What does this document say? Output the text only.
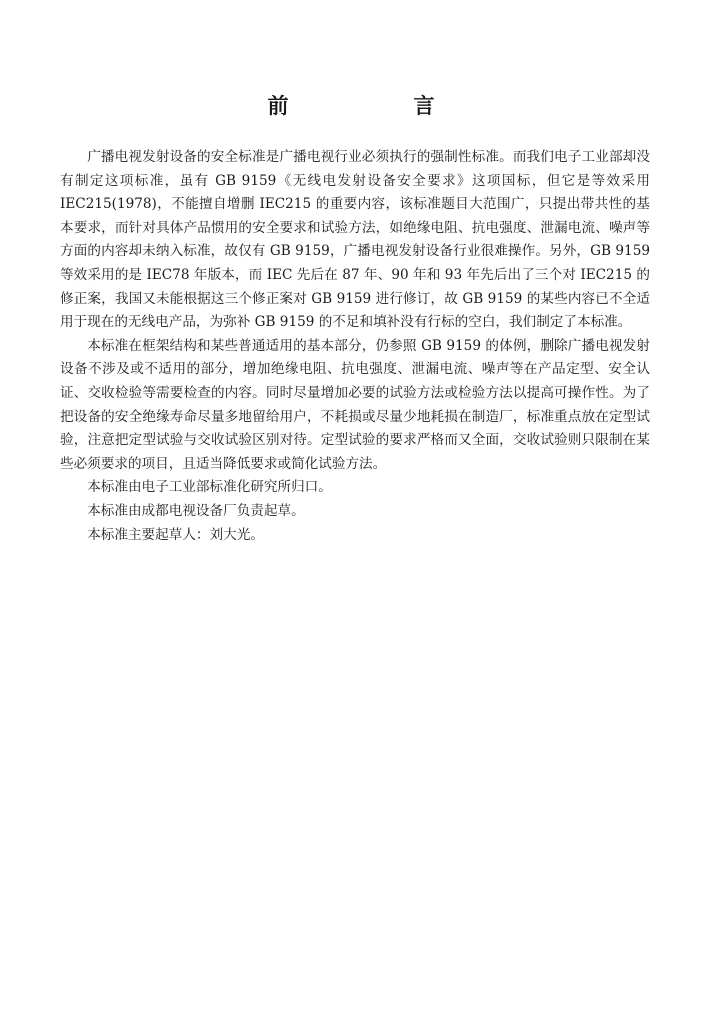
前　言

广播电视发射设备的安全标准是广播电视行业必须执行的强制性标准。而我们电子工业部却没有制定这项标准，虽有 GB 9159《无线电发射设备安全要求》这项国标，但它是等效采用 IEC215(1978)，不能擅自增删 IEC215 的重要内容，该标准题目大范围广，只提出带共性的基本要求，而针对具体产品惯用的安全要求和试验方法，如绝缘电阻、抗电强度、泄漏电流、噪声等方面的内容却未纳入标准，故仅有 GB 9159，广播电视发射设备行业很难操作。另外，GB 9159 等效采用的是 IEC78 年版本，而 IEC 先后在 87 年、90 年和 93 年先后出了三个对 IEC215 的修正案，我国又未能根据这三个修正案对 GB 9159 进行修订，故 GB 9159 的某些内容已不全适用于现在的无线电产品，为弥补 GB 9159 的不足和填补没有行标的空白，我们制定了本标准。

本标准在框架结构和某些普通适用的基本部分，仍参照 GB 9159 的体例，删除广播电视发射设备不涉及或不适用的部分，增加绝缘电阻、抗电强度、泄漏电流、噪声等在产品定型、安全认证、交收检验等需要检查的内容。同时尽量增加必要的试验方法或检验方法以提高可操作性。为了把设备的安全绝缘寿命尽量多地留给用户，不耗损或尽量少地耗损在制造厂，标准重点放在定型试验，注意把定型试验与交收试验区别对待。定型试验的要求严格而又全面，交收试验则只限制在某些必须要求的项目，且适当降低要求或简化试验方法。

本标准由电子工业部标准化研究所归口。

本标准由成都电视设备厂负责起草。

本标准主要起草人：刘大光。
